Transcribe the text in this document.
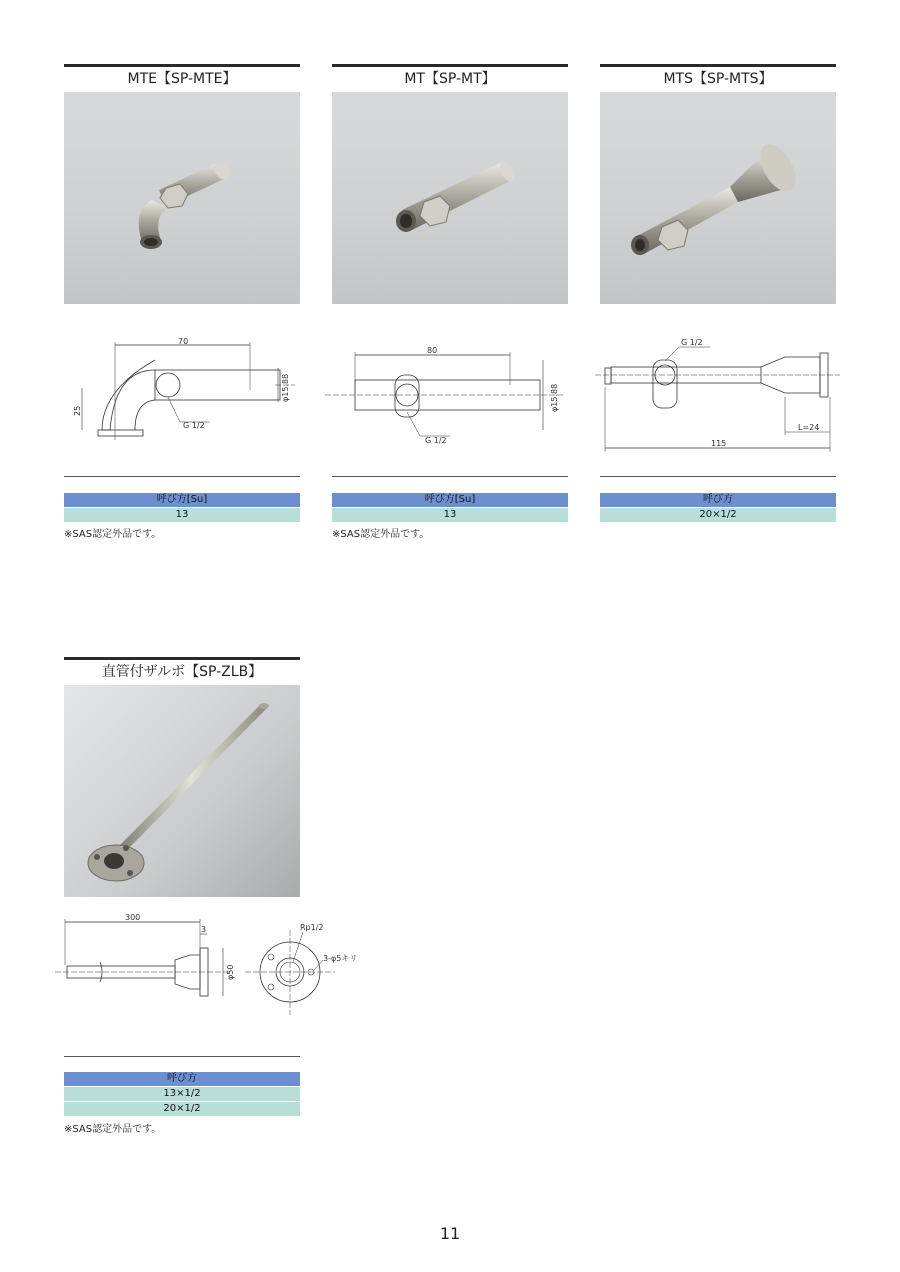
MTE【SP-MTE】
70
φ15.88
25
G 1/2
呼び方[Su]
13
※SAS認定外品です。
MT【SP-MT】
80
φ15.88
G 1/2
呼び方[Su]
13
※SAS認定外品です。
MTS【SP-MTS】
G 1/2
115
L=24
呼び方
20×1/2
直管付ザルボ【SP-ZLB】
300
3
φ50
Rp1/2
3-φ5キリ
呼び方
13×1/2
20×1/2
※SAS認定外品です。
11
